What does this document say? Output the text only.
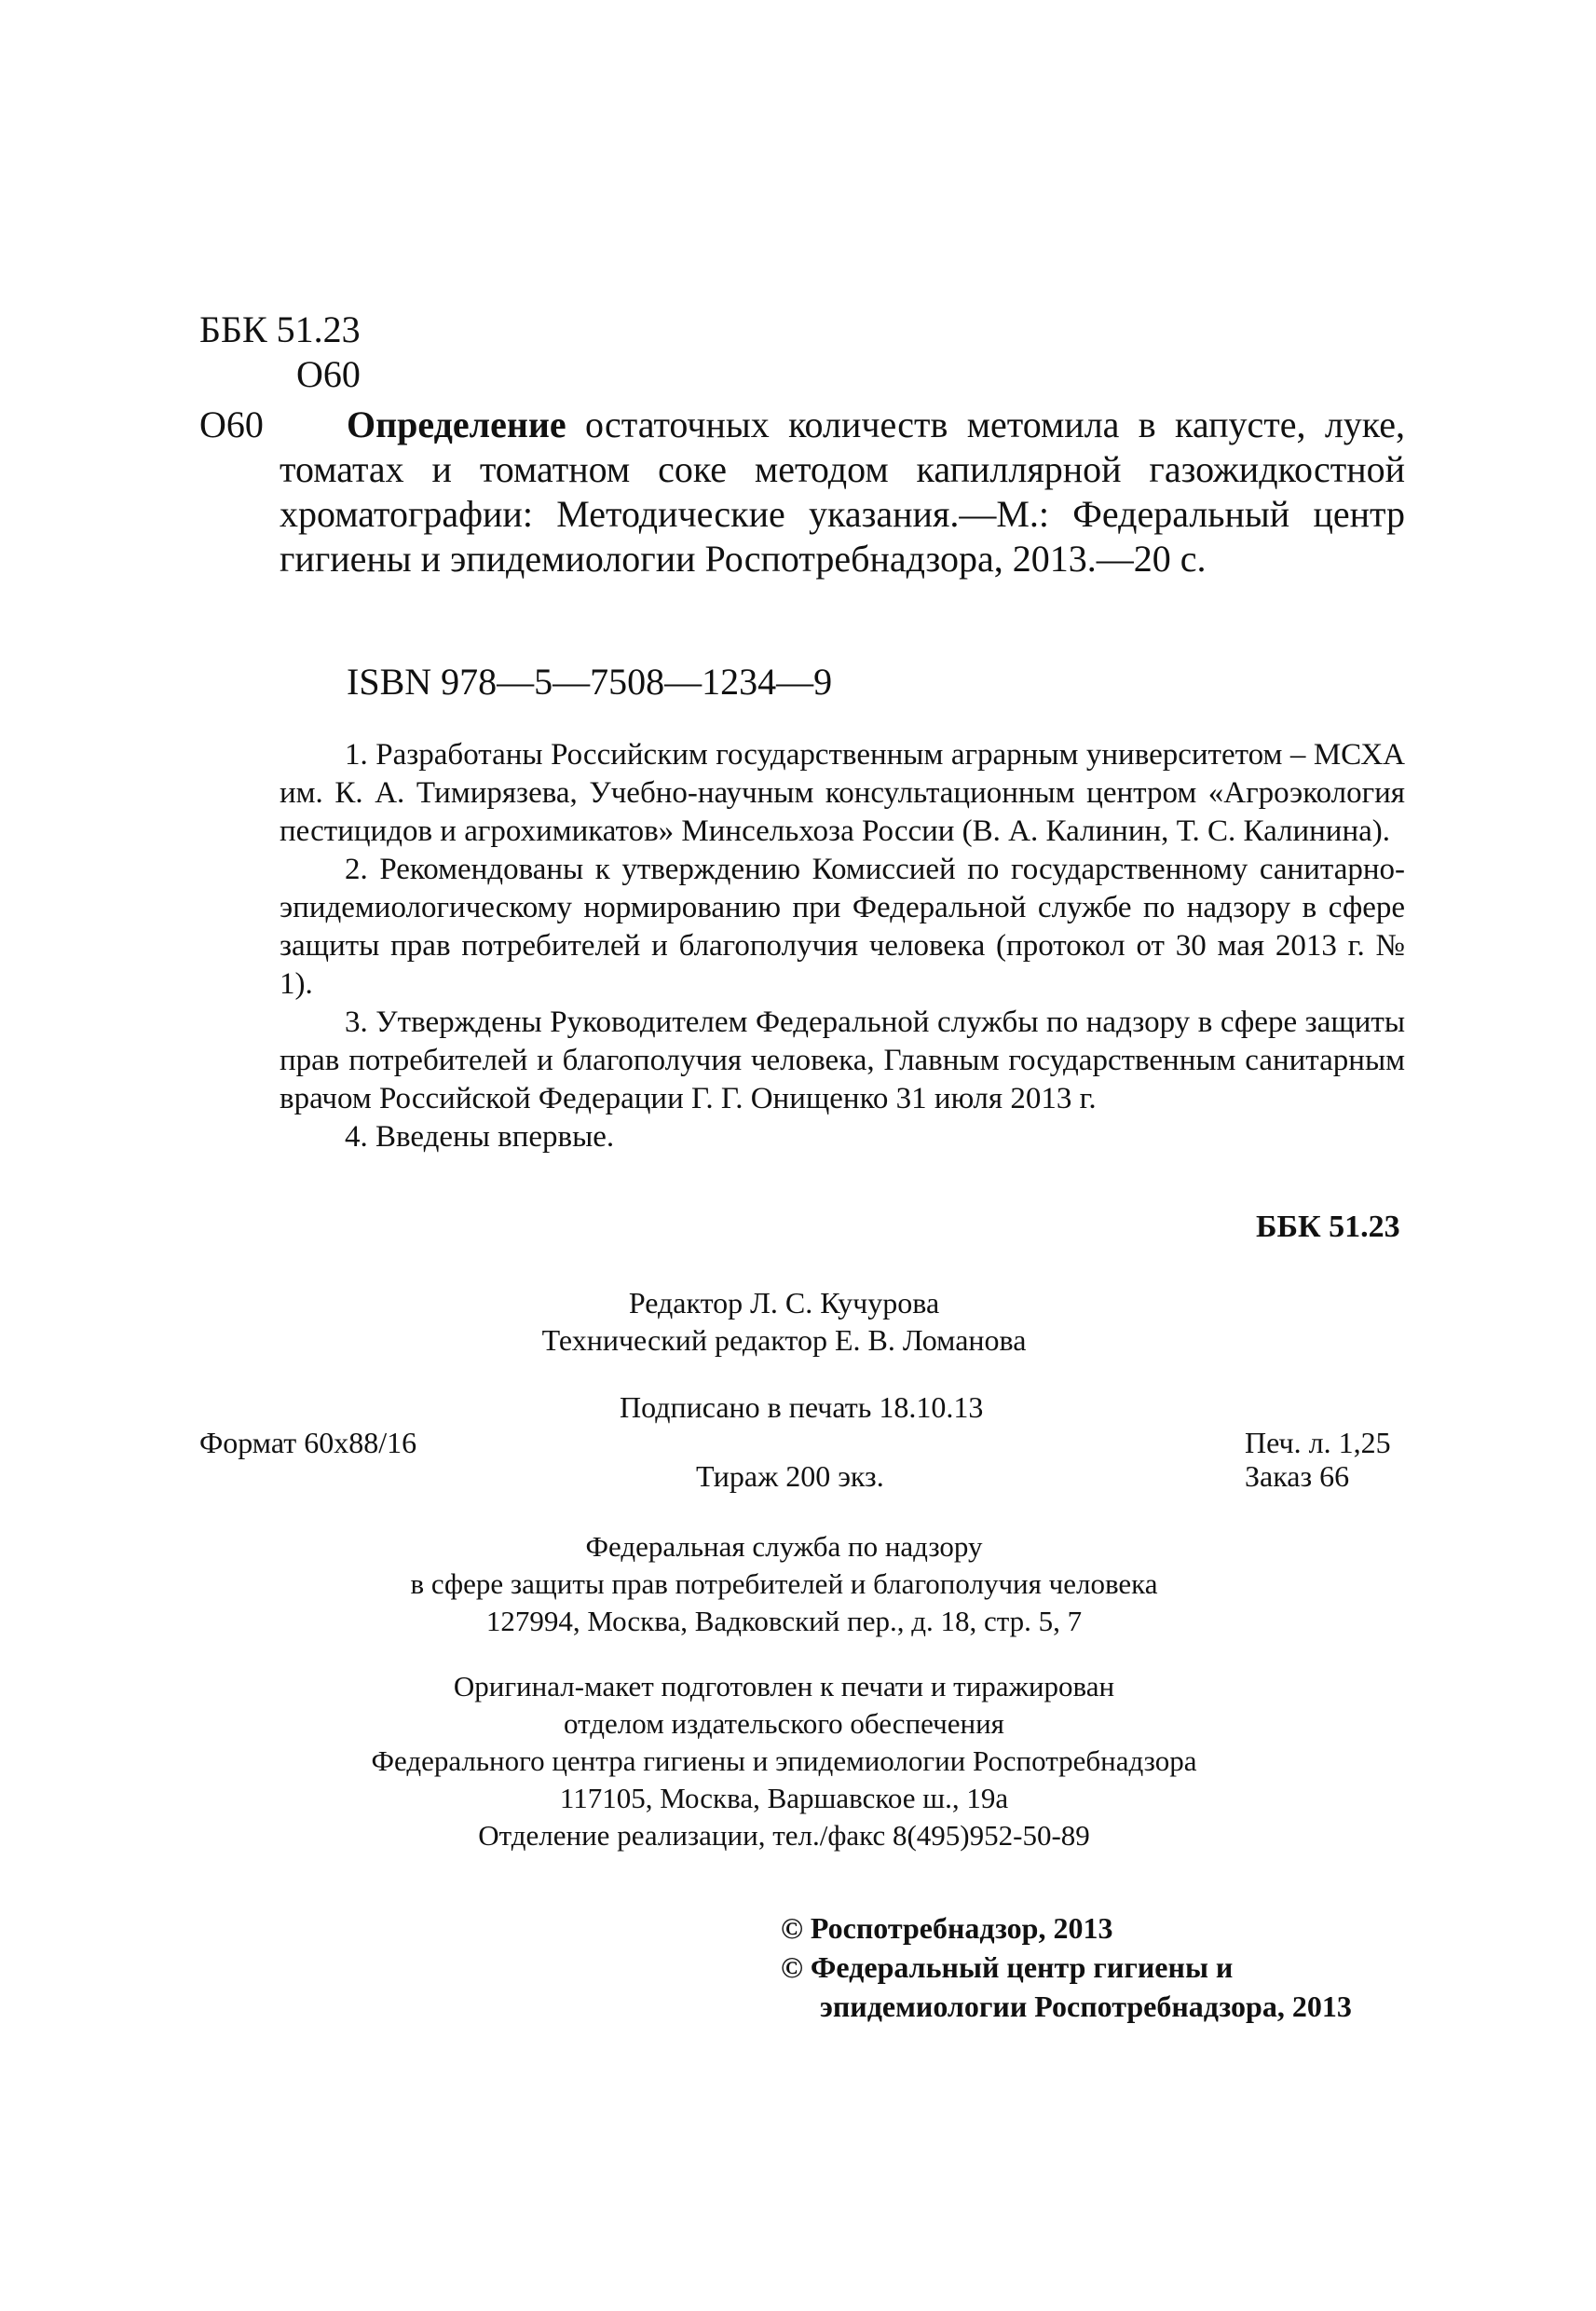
ББК 51.23
О60
О60	Определение остаточных количеств метомила в капусте, луке, томатах и томатном соке методом капиллярной газожидкостной хроматографии: Методические указания.—М.: Федеральный центр гигиены и эпидемиологии Роспотребнадзора, 2013.—20 с.
ISBN 978—5—7508—1234—9

1. Разработаны Российским государственным аграрным университетом – МСХА им. К. А. Тимирязева, Учебно-научным консультационным центром «Агроэкология пестицидов и агрохимикатов» Минсельхоза России (В. А. Калинин, Т. С. Калинина).

2. Рекомендованы к утверждению Комиссией по государственному санитарно-эпидемиологическому нормированию при Федеральной службе по надзору в сфере защиты прав потребителей и благополучия человека (протокол от 30 мая 2013 г. № 1).

3. Утверждены Руководителем Федеральной службы по надзору в сфере защиты прав потребителей и благополучия человека, Главным государственным санитарным врачом Российской Федерации Г. Г. Онищенко 31 июля 2013 г.

4. Введены впервые.

ББК 51.23
Редактор Л. С. Кучурова
Технический редактор Е. В. Ломанова
Подписано в печать 18.10.13
Формат 60х88/16	Печ. л. 1,25
Тираж 200 экз.	Заказ 66
Федеральная служба по надзору
в сфере защиты прав потребителей и благополучия человека
127994, Москва, Вадковский пер., д. 18, стр. 5, 7
Оригинал-макет подготовлен к печати и тиражирован
отделом издательского обеспечения
Федерального центра гигиены и эпидемиологии Роспотребнадзора
117105, Москва, Варшавское ш., 19а
Отделение реализации, тел./факс 8(495)952-50-89
© Роспотребнадзор, 2013
© Федеральный центр гигиены и
эпидемиологии Роспотребнадзора, 2013
